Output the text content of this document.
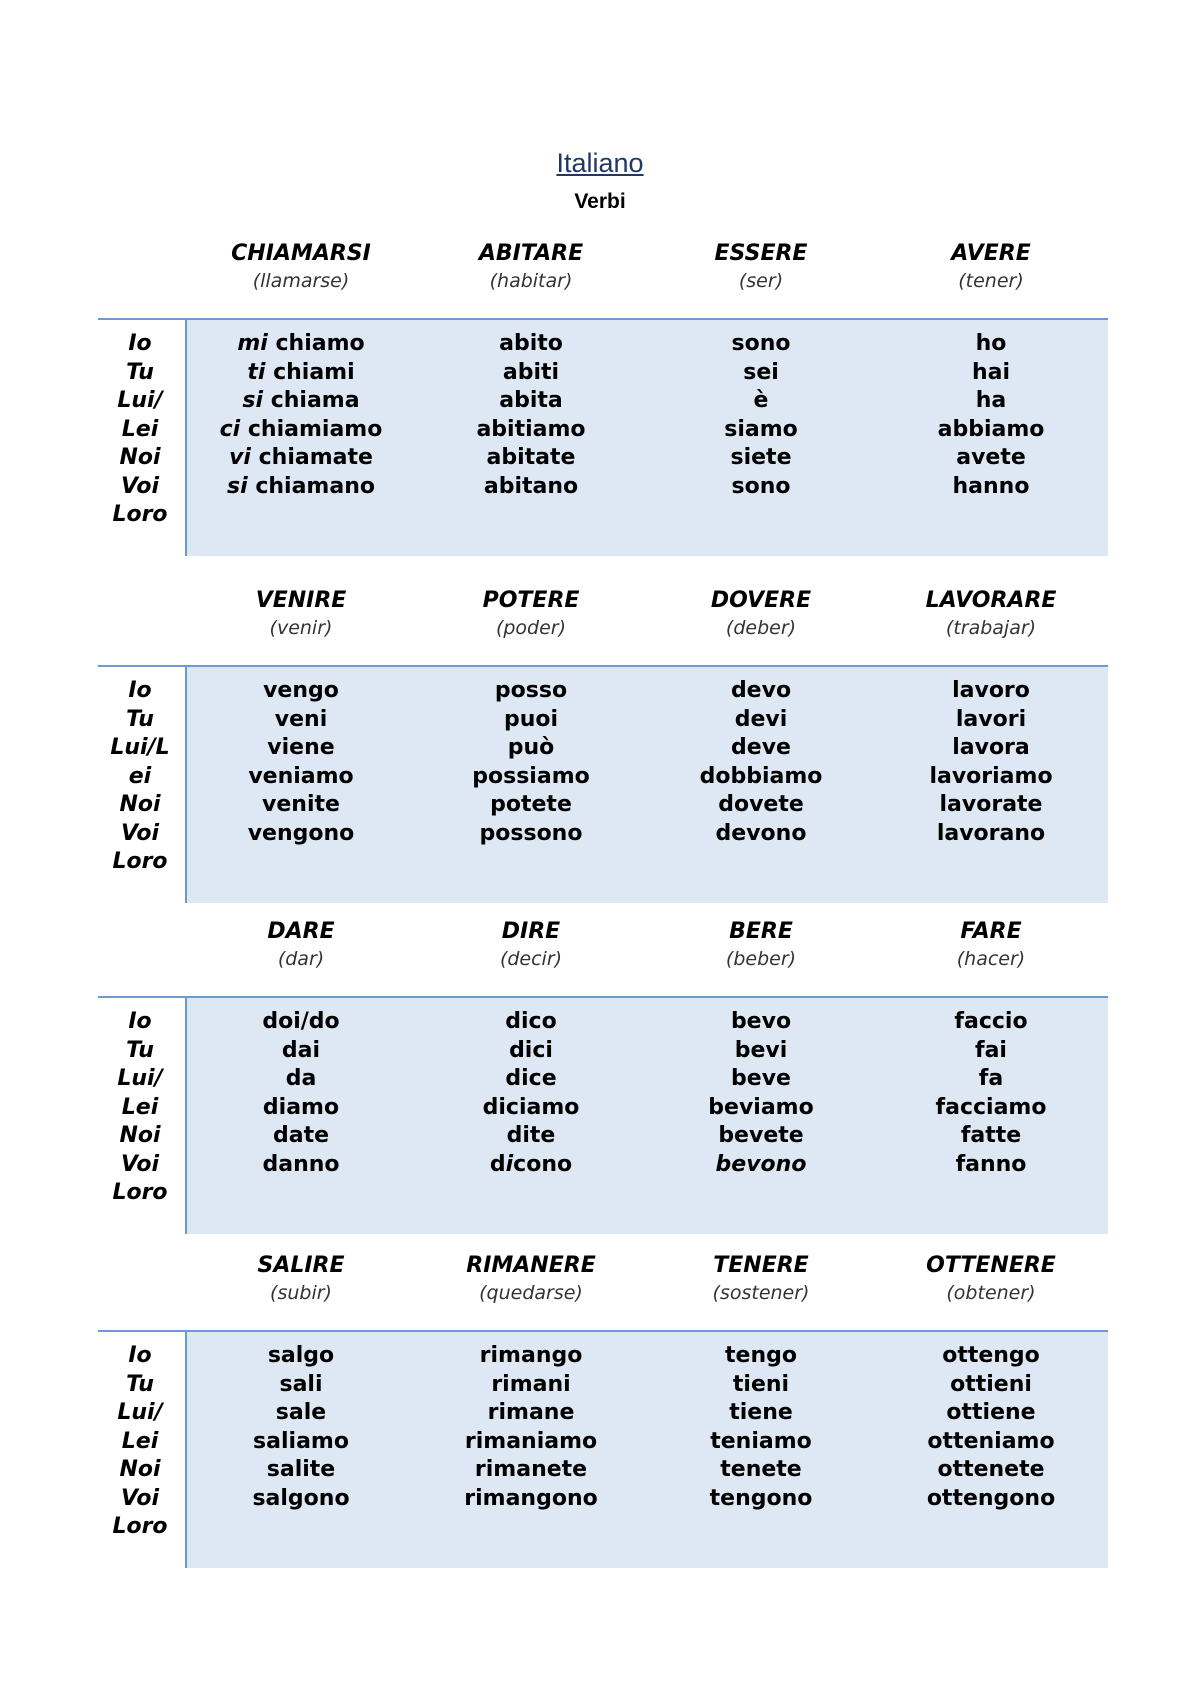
Italiano
Verbi
CHIAMARSI
(llamarse)
ABITARE
(habitar)
ESSERE
(ser)
AVERE
(tener)
Io
Tu
Lui/
Lei
Noi
Voi
Loro
mi chiamo
ti chiami
si chiama
ci chiamiamo
vi chiamate
si chiamano
abito
abiti
abita
abitiamo
abitate
abitano
sono
sei
è
siamo
siete
sono
ho
hai
ha
abbiamo
avete
hanno
VENIRE
(venir)
POTERE
(poder)
DOVERE
(deber)
LAVORARE
(trabajar)
Io
Tu
Lui/L
ei
Noi
Voi
Loro
vengo
veni
viene
veniamo
venite
vengono
posso
puoi
può
possiamo
potete
possono
devo
devi
deve
dobbiamo
dovete
devono
lavoro
lavori
lavora
lavoriamo
lavorate
lavorano
DARE
(dar)
DIRE
(decir)
BERE
(beber)
FARE
(hacer)
Io
Tu
Lui/
Lei
Noi
Voi
Loro
doi/do
dai
da
diamo
date
danno
dico
dici
dice
diciamo
dite
dicono
bevo
bevi
beve
beviamo
bevete
bevono
faccio
fai
fa
facciamo
fatte
fanno
SALIRE
(subir)
RIMANERE
(quedarse)
TENERE
(sostener)
OTTENERE
(obtener)
Io
Tu
Lui/
Lei
Noi
Voi
Loro
salgo
sali
sale
saliamo
salite
salgono
rimango
rimani
rimane
rimaniamo
rimanete
rimangono
tengo
tieni
tiene
teniamo
tenete
tengono
ottengo
ottieni
ottiene
otteniamo
ottenete
ottengono
